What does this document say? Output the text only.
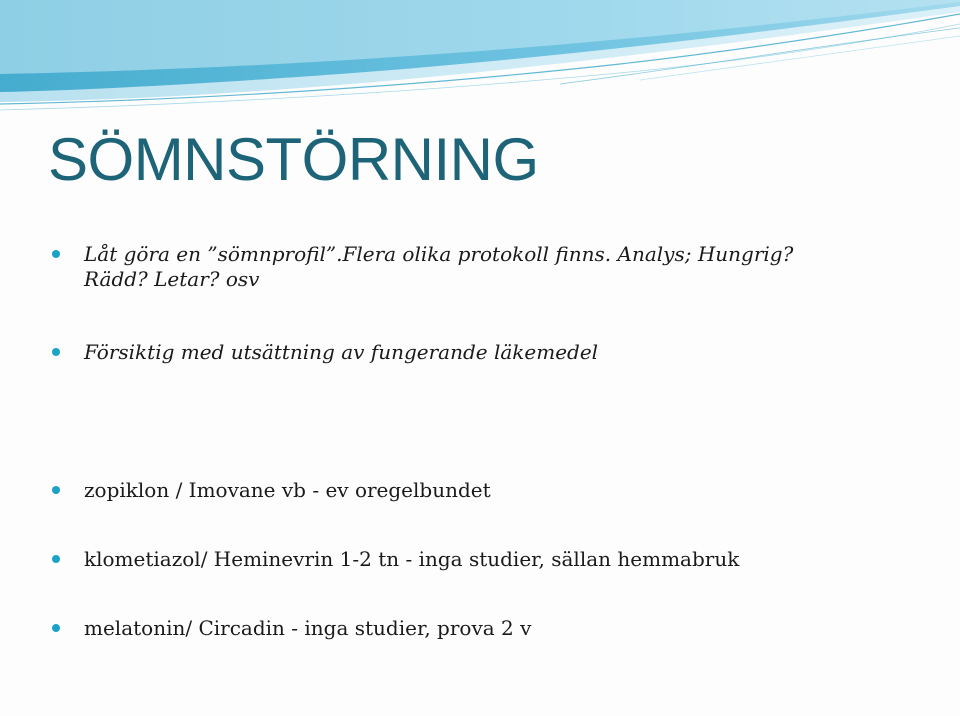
SÖMNSTÖRNING
Låt göra en ”sömnprofil”.Flera olika protokoll finns. Analys; Hungrig?
Rädd? Letar? osv
Försiktig med utsättning av fungerande läkemedel
zopiklon / Imovane vb - ev oregelbundet
klometiazol/ Heminevrin 1-2 tn - inga studier, sällan hemmabruk
melatonin/ Circadin - inga studier, prova 2 v
